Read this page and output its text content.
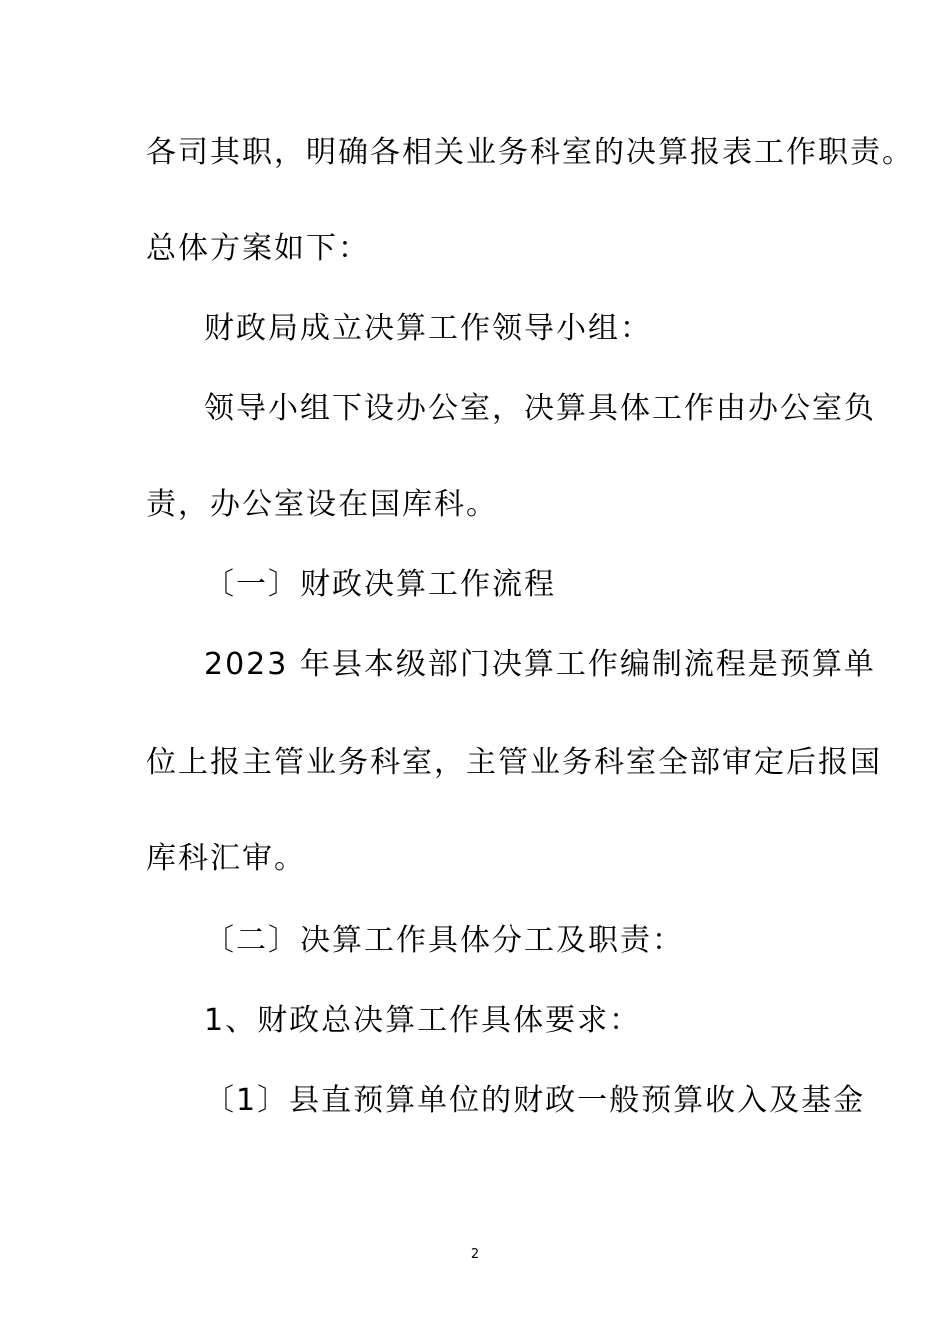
各司其职，明确各相关业务科室的决算报表工作职责。
总体方案如下：
财政局成立决算工作领导小组：
领导小组下设办公室，决算具体工作由办公室负
责，办公室设在国库科。
〔一〕财政决算工作流程
2023 年县本级部门决算工作编制流程是预算单
位上报主管业务科室，主管业务科室全部审定后报国
库科汇审。
〔二〕决算工作具体分工及职责：
1、财政总决算工作具体要求：
〔1〕县直预算单位的财政一般预算收入及基金
2
